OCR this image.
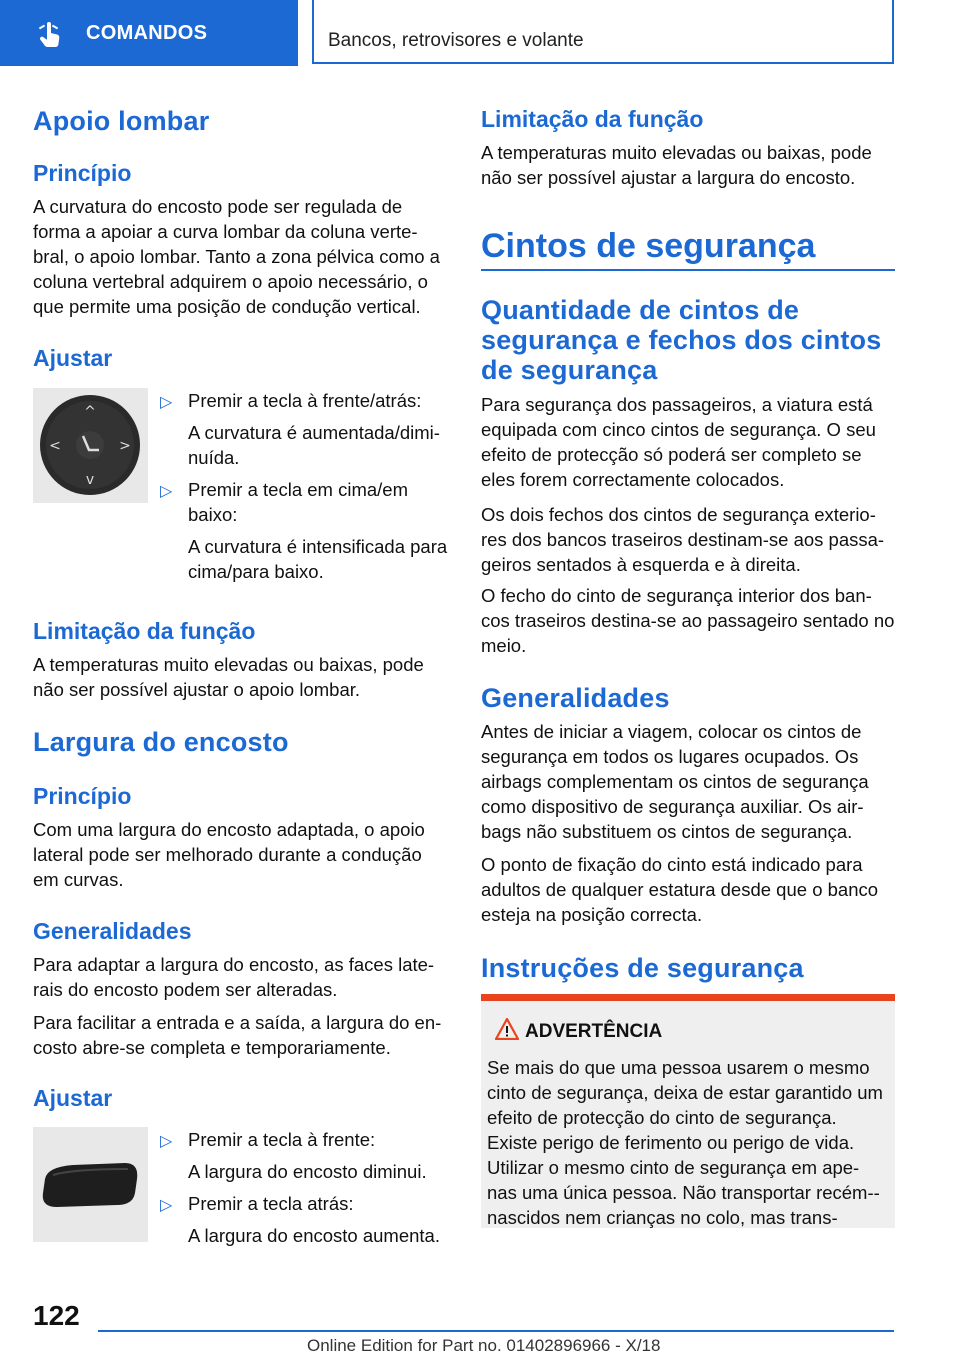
COMANDOS	Bancos, retrovisores e volante
Apoio lombar
Princípio

A curvatura do encosto pode ser regulada de forma a apoiar a curva lombar da coluna verte-bral, o apoio lombar. Tanto a zona pélvica como a coluna vertebral adquirem o apoio necessário, o que permite uma posição de condução vertical.

Ajustar
^
v
<	>
▷ Premir a tecla à frente/atrás:
A curvatura é aumentada/dimi-nuída.
▷ Premir a tecla em cima/em baixo:
A curvatura é intensificada para cima/para baixo.
Limitação da função

A temperaturas muito elevadas ou baixas, pode não ser possível ajustar o apoio lombar.

Largura do encosto
Princípio

Com uma largura do encosto adaptada, o apoio lateral pode ser melhorado durante a condução em curvas.

Generalidades

Para adaptar a largura do encosto, as faces late-rais do encosto podem ser alteradas.

Para facilitar a entrada e a saída, a largura do en-costo abre-se completa e temporariamente.

Ajustar
▷ Premir a tecla à frente:
A largura do encosto diminui.
▷ Premir a tecla atrás:
A largura do encosto aumenta.
Limitação da função

A temperaturas muito elevadas ou baixas, pode não ser possível ajustar a largura do encosto.

Cintos de segurança
Quantidade de cintos de segurança e fechos dos cintos de segurança

Para segurança dos passageiros, a viatura está equipada com cinco cintos de segurança. O seu efeito de protecção só poderá ser completo se eles forem correctamente colocados.

Os dois fechos dos cintos de segurança exterio-res dos bancos traseiros destinam-se aos passa-geiros sentados à esquerda e à direita.

O fecho do cinto de segurança interior dos ban-cos traseiros destina-se ao passageiro sentado no meio.

Generalidades

Antes de iniciar a viagem, colocar os cintos de segurança em todos os lugares ocupados. Os airbags complementam os cintos de segurança como dispositivo de segurança auxiliar. Os air-bags não substituem os cintos de segurança.

O ponto de fixação do cinto está indicado para adultos de qualquer estatura desde que o banco esteja na posição correcta.

Instruções de segurança
ADVERTÊNCIA

Se mais do que uma pessoa usarem o mesmo cinto de segurança, deixa de estar garantido um efeito de protecção do cinto de segurança. Existe perigo de ferimento ou perigo de vida. Utilizar o mesmo cinto de segurança em ape-nas uma única pessoa. Não transportar recém--nascidos nem crianças no colo, mas trans-

122
Online Edition for Part no. 01402896966 - X/18
